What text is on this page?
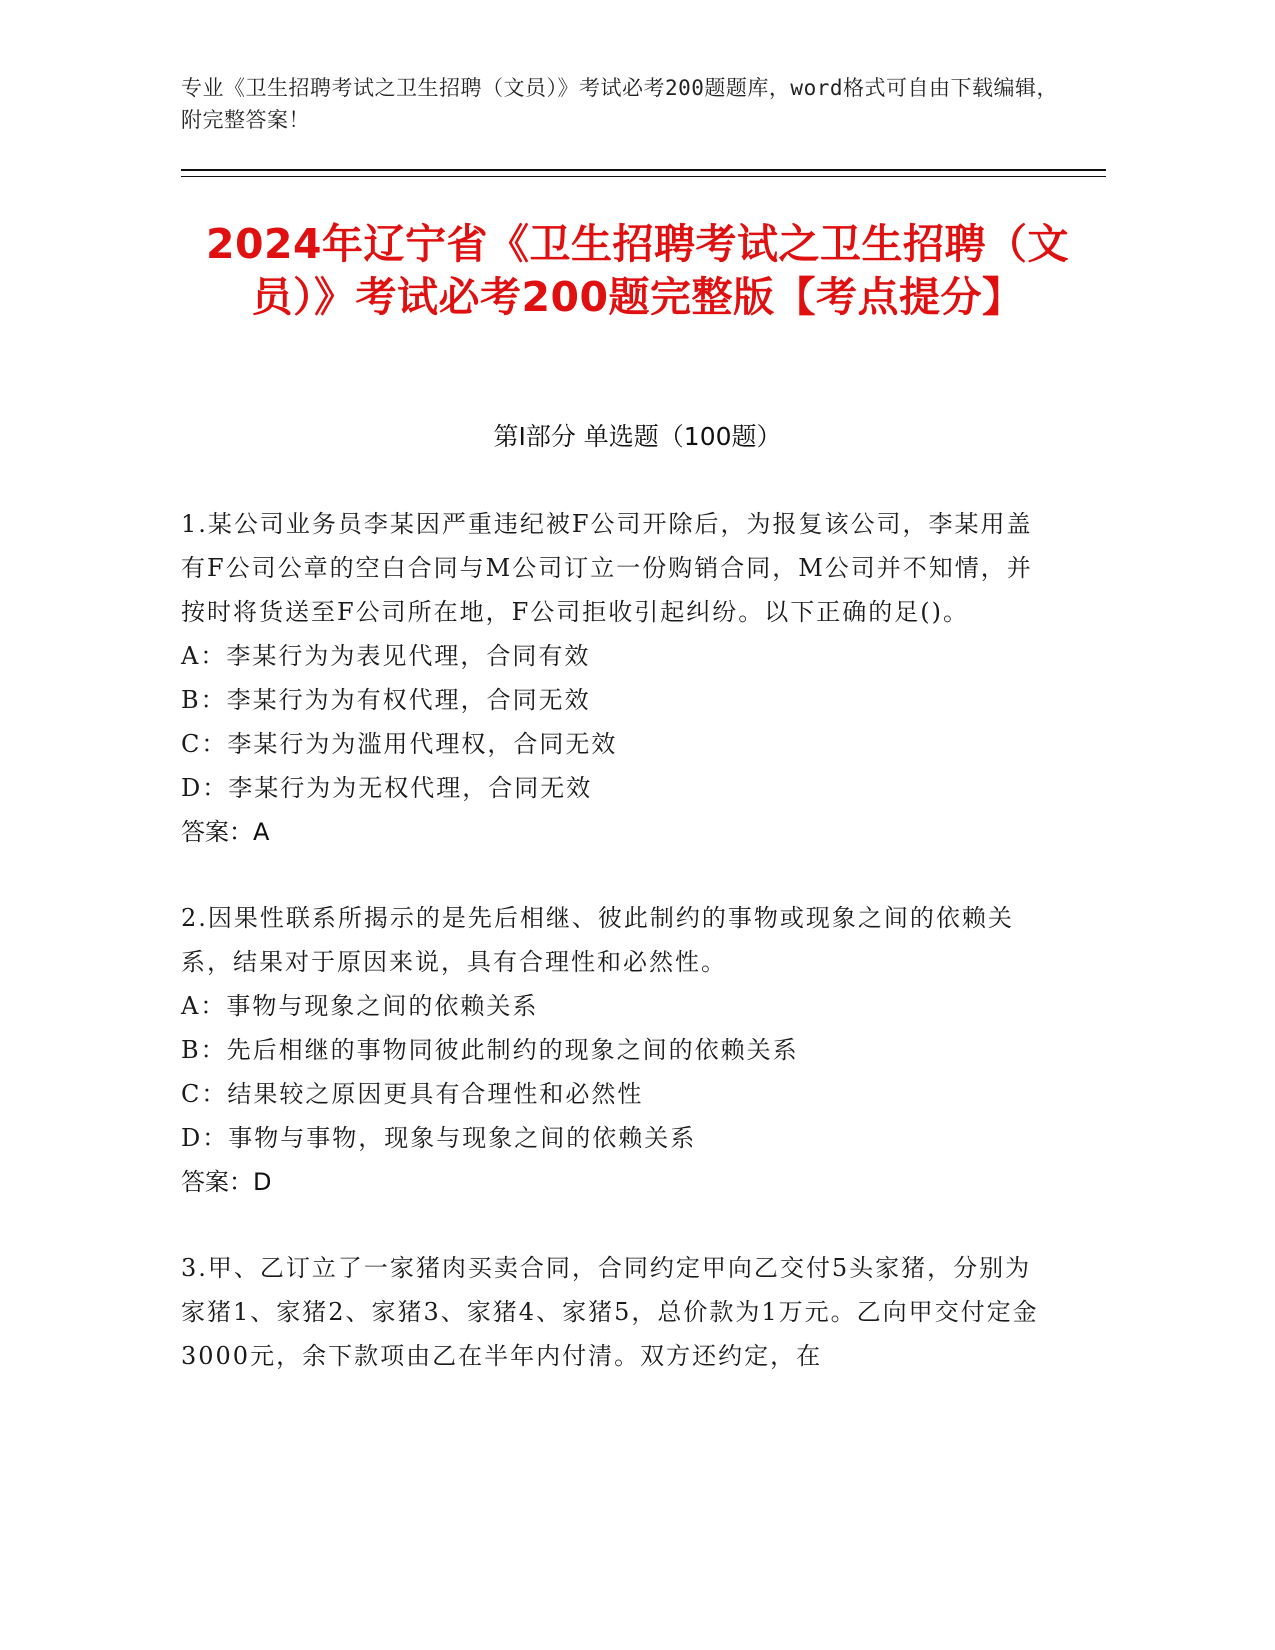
专业《卫生招聘考试之卫生招聘（文员）》考试必考200题题库，word格式可自由下载编辑，附完整答案！
2024年辽宁省《卫生招聘考试之卫生招聘（文员）》考试必考200题完整版【考点提分】
第I部分 单选题（100题）

1.某公司业务员李某因严重违纪被F公司开除后，为报复该公司，李某用盖有F公司公章的空白合同与M公司订立一份购销合同，M公司并不知情，并按时将货送至F公司所在地，F公司拒收引起纠纷。以下正确的足()。

A：李某行为为表见代理，合同有效

B：李某行为为有权代理，合同无效

C：李某行为为滥用代理权，合同无效

D：李某行为为无权代理，合同无效

答案：A

2.因果性联系所揭示的是先后相继、彼此制约的事物或现象之间的依赖关系，结果对于原因来说，具有合理性和必然性。

A：事物与现象之间的依赖关系

B：先后相继的事物同彼此制约的现象之间的依赖关系

C：结果较之原因更具有合理性和必然性

D：事物与事物，现象与现象之间的依赖关系

答案：D

3.甲、乙订立了一家猪肉买卖合同，合同约定甲向乙交付5头家猪，分别为家猪1、家猪2、家猪3、家猪4、家猪5，总价款为1万元。乙向甲交付定金3000元，余下款项由乙在半年内付清。双方还约定，在
